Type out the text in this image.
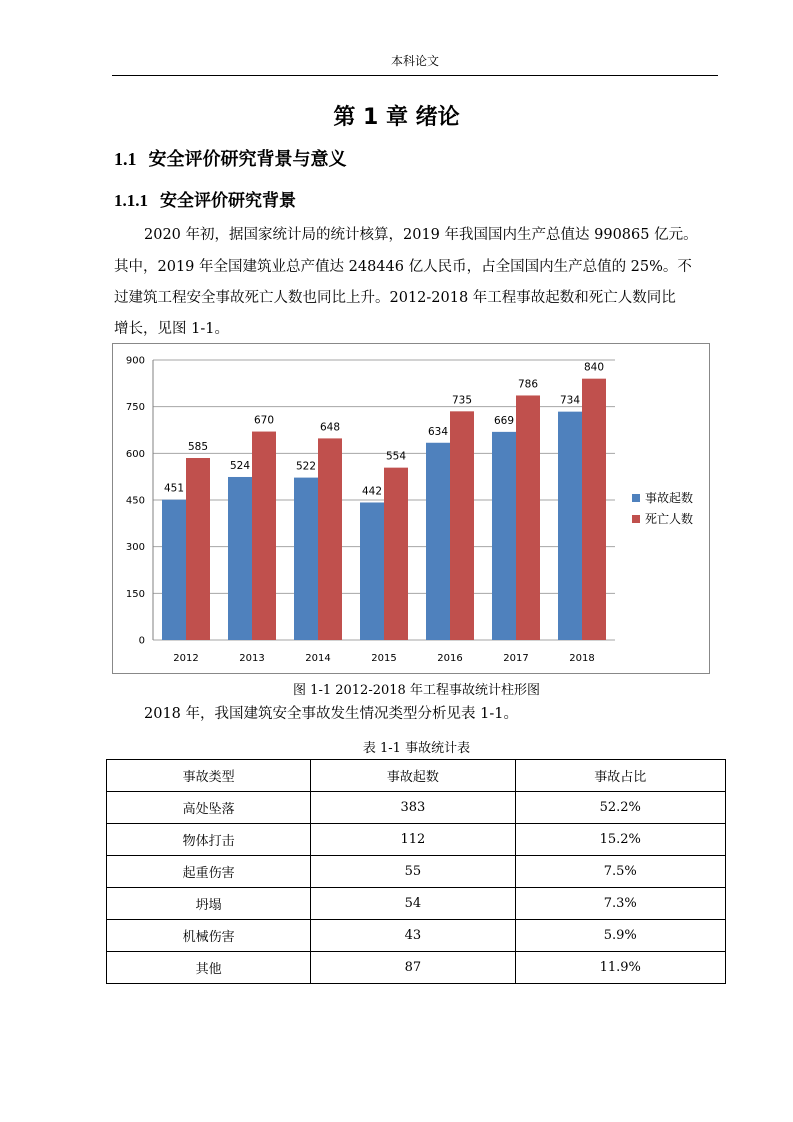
本科论文
第 1 章 绪论
1.1 安全评价研究背景与意义
1.1.1 安全评价研究背景
2020 年初，据国家统计局的统计核算，2019 年我国国内生产总值达 990865 亿元。
其中，2019 年全国建筑业总产值达 248446 亿人民币，占全国国内生产总值的 25%。不
过建筑工程安全事故死亡人数也同比上升。2012-2018 年工程事故起数和死亡人数同比
增长，见图 1-1。
0
150
300
450
600
750
900
451
585
2012
524
670
2013
522
648
2014
442
554
2015
634
735
2016
669
786
2017
734
840
2018
事故起数
死亡人数
图 1-1 2012-2018 年工程事故统计柱形图
2018 年，我国建筑安全事故发生情况类型分析见表 1-1。
表 1-1 事故统计表
事故类型	事故起数	事故占比
高处坠落	383	52.2%
物体打击	112	15.2%
起重伤害	55	7.5%
坍塌	54	7.3%
机械伤害	43	5.9%
其他	87	11.9%
